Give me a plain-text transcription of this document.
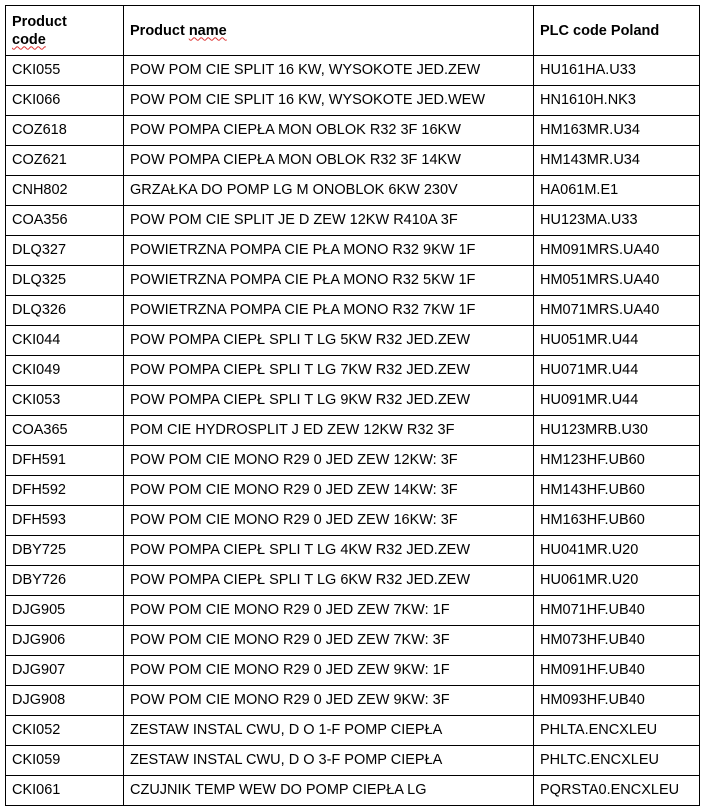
Product
code	Product name	PLC code Poland
CKI055	POW POM CIE SPLIT 16 KW, WYSOKOTE JED.ZEW	HU161HA.U33
CKI066	POW POM CIE SPLIT 16 KW, WYSOKOTE JED.WEW	HN1610H.NK3
COZ618	POW POMPA CIEPŁA MON OBLOK R32 3F 16KW	HM163MR.U34
COZ621	POW POMPA CIEPŁA MON OBLOK R32 3F 14KW	HM143MR.U34
CNH802	GRZAŁKA DO POMP LG M ONOBLOK 6KW 230V	HA061M.E1
COA356	POW POM CIE SPLIT JE D ZEW 12KW R410A 3F	HU123MA.U33
DLQ327	POWIETRZNA POMPA CIE PŁA MONO R32 9KW 1F	HM091MRS.UA40
DLQ325	POWIETRZNA POMPA CIE PŁA MONO R32 5KW 1F	HM051MRS.UA40
DLQ326	POWIETRZNA POMPA CIE PŁA MONO R32 7KW 1F	HM071MRS.UA40
CKI044	POW POMPA CIEPŁ SPLI T LG 5KW R32 JED.ZEW	HU051MR.U44
CKI049	POW POMPA CIEPŁ SPLI T LG 7KW R32 JED.ZEW	HU071MR.U44
CKI053	POW POMPA CIEPŁ SPLI T LG 9KW R32 JED.ZEW	HU091MR.U44
COA365	POM CIE HYDROSPLIT J ED ZEW 12KW R32 3F	HU123MRB.U30
DFH591	POW POM CIE MONO R29 0 JED ZEW 12KW: 3F	HM123HF.UB60
DFH592	POW POM CIE MONO R29 0 JED ZEW 14KW: 3F	HM143HF.UB60
DFH593	POW POM CIE MONO R29 0 JED ZEW 16KW: 3F	HM163HF.UB60
DBY725	POW POMPA CIEPŁ SPLI T LG 4KW R32 JED.ZEW	HU041MR.U20
DBY726	POW POMPA CIEPŁ SPLI T LG 6KW R32 JED.ZEW	HU061MR.U20
DJG905	POW POM CIE MONO R29 0 JED ZEW 7KW: 1F	HM071HF.UB40
DJG906	POW POM CIE MONO R29 0 JED ZEW 7KW: 3F	HM073HF.UB40
DJG907	POW POM CIE MONO R29 0 JED ZEW 9KW: 1F	HM091HF.UB40
DJG908	POW POM CIE MONO R29 0 JED ZEW 9KW: 3F	HM093HF.UB40
CKI052	ZESTAW INSTAL CWU, D O 1-F POMP CIEPŁA	PHLTA.ENCXLEU
CKI059	ZESTAW INSTAL CWU, D O 3-F POMP CIEPŁA	PHLTC.ENCXLEU
CKI061	CZUJNIK TEMP WEW DO POMP CIEPŁA LG	PQRSTA0.ENCXLEU
